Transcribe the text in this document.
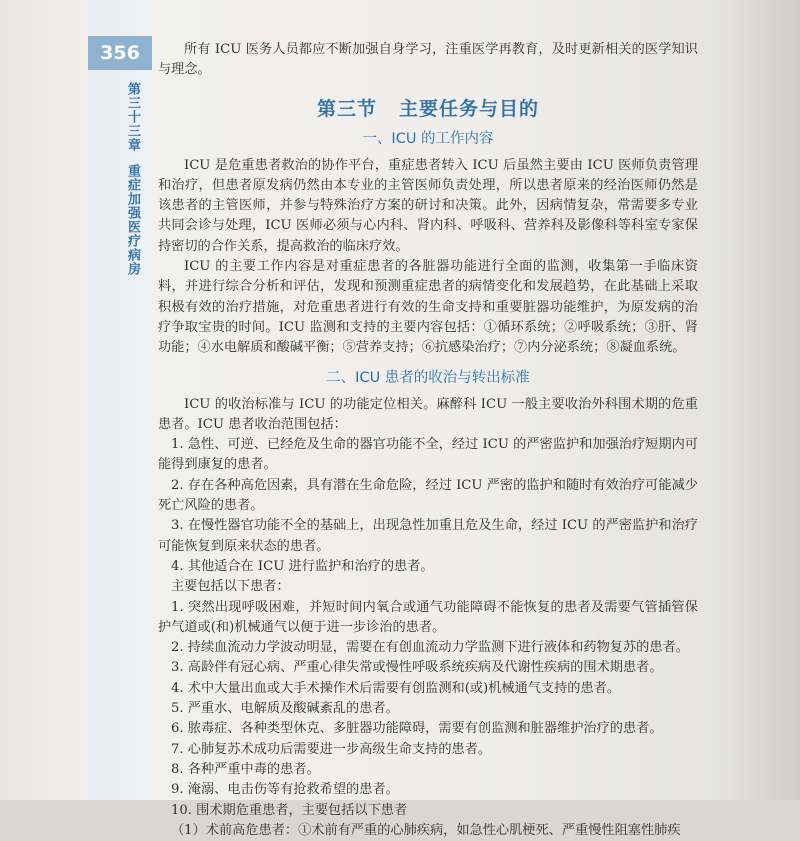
356
第三十三章重症加强医疗病房

所有 ICU 医务人员都应不断加强自身学习，注重医学再教育，及时更新相关的医学知识与理念。

第三节 主要任务与目的
一、ICU 的工作内容

ICU 是危重患者救治的协作平台，重症患者转入 ICU 后虽然主要由 ICU 医师负责管理和治疗，但患者原发病仍然由本专业的主管医师负责处理，所以患者原来的经治医师仍然是该患者的主管医师，并参与特殊治疗方案的研讨和决策。此外，因病情复杂，常需要多专业共同会诊与处理，ICU 医师必须与心内科、肾内科、呼吸科、营养科及影像科等科室专家保持密切的合作关系，提高救治的临床疗效。

ICU 的主要工作内容是对重症患者的各脏器功能进行全面的监测，收集第一手临床资料，并进行综合分析和评估，发现和预测重症患者的病情变化和发展趋势，在此基础上采取积极有效的治疗措施，对危重患者进行有效的生命支持和重要脏器功能维护，为原发病的治疗争取宝贵的时间。ICU 监测和支持的主要内容包括：①循环系统；②呼吸系统；③肝、肾功能；④水电解质和酸碱平衡；⑤营养支持；⑥抗感染治疗；⑦内分泌系统；⑧凝血系统。

二、ICU 患者的收治与转出标准

ICU 的收治标准与 ICU 的功能定位相关。麻醉科 ICU 一般主要收治外科围术期的危重患者。ICU 患者收治范围包括：

1. 急性、可逆、已经危及生命的器官功能不全，经过 ICU 的严密监护和加强治疗短期内可能得到康复的患者。

2. 存在各种高危因素，具有潜在生命危险，经过 ICU 严密的监护和随时有效治疗可能减少死亡风险的患者。

3. 在慢性器官功能不全的基础上，出现急性加重且危及生命，经过 ICU 的严密监护和治疗可能恢复到原来状态的患者。

4. 其他适合在 ICU 进行监护和治疗的患者。

主要包括以下患者：

1. 突然出现呼吸困难，并短时间内氧合或通气功能障碍不能恢复的患者及需要气管插管保护气道或(和)机械通气以便于进一步诊治的患者。

2. 持续血流动力学波动明显，需要在有创血流动力学监测下进行液体和药物复苏的患者。

3. 高龄伴有冠心病、严重心律失常或慢性呼吸系统疾病及代谢性疾病的围术期患者。

4. 术中大量出血或大手术操作术后需要有创监测和(或)机械通气支持的患者。

5. 严重水、电解质及酸碱紊乱的患者。

6. 脓毒症、各种类型休克、多脏器功能障碍，需要有创监测和脏器维护治疗的患者。

7. 心肺复苏术成功后需要进一步高级生命支持的患者。

8. 各种严重中毒的患者。

9. 淹溺、电击伤等有抢救希望的患者。

10. 围术期危重患者，主要包括以下患者

（1）术前高危患者：①术前有严重的心肺疾病，如急性心肌梗死、严重慢性阻塞性肺疾
